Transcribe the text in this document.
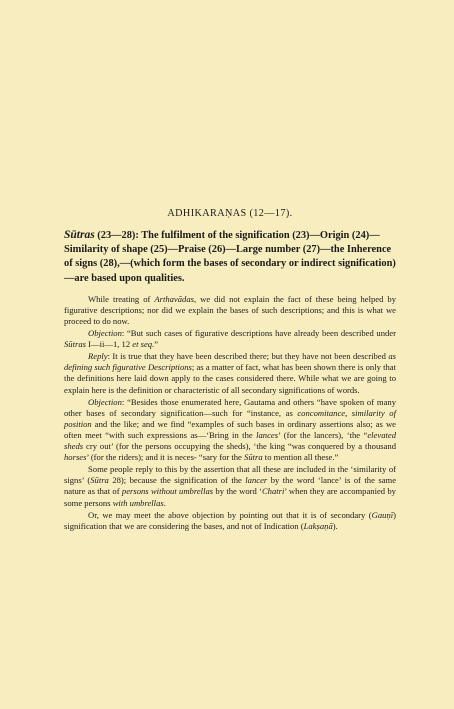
ADHIKARAṆAS (12—17).
Sūtras (23—28): The fulfilment of the signification (23)—Origin (24)—Similarity of shape (25)—Praise (26)—Large number (27)—the Inherence of signs (28),—(which form the bases of secondary or indirect signification)—are based upon qualities.

While treating of Arthavādas, we did not explain the fact of these being helped by figurative descriptions; nor did we explain the bases of such descriptions; and this is what we proceed to do now.

Objection: “But such cases of figurative descriptions have already been described under Sūtras I—ii—1, 12 et seq.”

Reply: It is true that they have been described there; but they have not been described as defining such figurative Descriptions; as a matter of fact, what has been shown there is only that the definitions here laid down apply to the cases considered there. While what we are going to explain here is the definition or characteristic of all secondary significations of words.

Objection: “Besides those enumerated here, Gautama and others “have spoken of many other bases of secondary signification—such for “instance, as concomitance, similarity of position and the like; and we find “examples of such bases in ordinary assertions also; as we often meet “with such expressions as—‘Bring in the lances’ (for the lancers), ‘the “elevated sheds cry out’ (for the persons occupying the sheds), ‘the king “was conquered by a thousand horses’ (for the riders); and it is neces- “sary for the Sūtra to mention all these.”

Some people reply to this by the assertion that all these are included in the ‘similarity of signs’ (Sūtra 28); because the signification of the lancer by the word ‘lance’ is of the same nature as that of persons without umbrellas by the word ‘Chatri’ when they are accompanied by some persons with umbrellas.

Or, we may meet the above objection by pointing out that it is of secondary (Gauṇī) signification that we are considering the bases, and not of Indication (Lakṣaṇā).
